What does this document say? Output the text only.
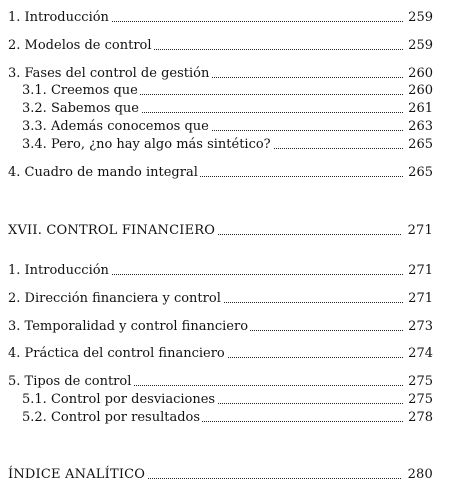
1. Introducción	259
2. Modelos de control	259
3. Fases del control de gestión	260
3.1. Creemos que	260
3.2. Sabemos que	261
3.3. Además conocemos que	263
3.4. Pero, ¿no hay algo más sintético?	265
4. Cuadro de mando integral	265
XVII. CONTROL FINANCIERO	271
1. Introducción	271
2. Dirección financiera y control	271
3. Temporalidad y control financiero	273
4. Práctica del control financiero	274
5. Tipos de control	275
5.1. Control por desviaciones	275
5.2. Control por resultados	278
ÍNDICE ANALÍTICO	280
